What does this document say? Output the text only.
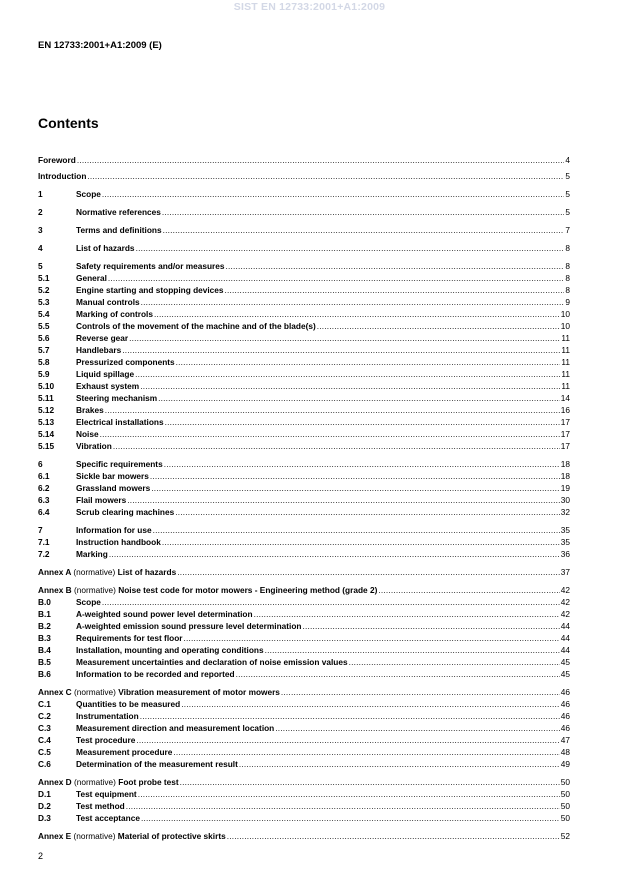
SIST EN 12733:2001+A1:2009
EN 12733:2001+A1:2009 (E)
Contents
Foreword .....	4
Introduction .....	5
1	Scope .....	5
2	Normative references .....	5
3	Terms and definitions .....	7
4	List of hazards .....	8
5	Safety requirements and/or measures .....	8
5.1	General .....	8
5.2	Engine starting and stopping devices .....	8
5.3	Manual controls .....	9
5.4	Marking of controls .....	10
5.5	Controls of the movement of the machine and of the blade(s) .....	10
5.6	Reverse gear .....	11
5.7	Handlebars .....	11
5.8	Pressurized components .....	11
5.9	Liquid spillage .....	11
5.10	Exhaust system .....	11
5.11	Steering mechanism .....	14
5.12	Brakes .....	16
5.13	Electrical installations .....	17
5.14	Noise .....	17
5.15	Vibration .....	17
6	Specific requirements .....	18
6.1	Sickle bar mowers .....	18
6.2	Grassland mowers .....	19
6.3	Flail mowers .....	30
6.4	Scrub clearing machines .....	32
7	Information for use .....	35
7.1	Instruction handbook .....	35
7.2	Marking .....	36
Annex A (normative) List of hazards .....	37
Annex B (normative) Noise test code for motor mowers - Engineering method (grade 2) .....	42
B.0	Scope .....	42
B.1	A-weighted sound power level determination .....	42
B.2	A-weighted emission sound pressure level determination .....	44
B.3	Requirements for test floor .....	44
B.4	Installation, mounting and operating conditions .....	44
B.5	Measurement uncertainties and declaration of noise emission values .....	45
B.6	Information to be recorded and reported .....	45
Annex C (normative) Vibration measurement of motor mowers .....	46
C.1	Quantities to be measured .....	46
C.2	Instrumentation .....	46
C.3	Measurement direction and measurement location .....	46
C.4	Test procedure .....	47
C.5	Measurement procedure .....	48
C.6	Determination of the measurement result .....	49
Annex D (normative) Foot probe test .....	50
D.1	Test equipment .....	50
D.2	Test method .....	50
D.3	Test acceptance .....	50
Annex E (normative) Material of protective skirts .....	52
2
